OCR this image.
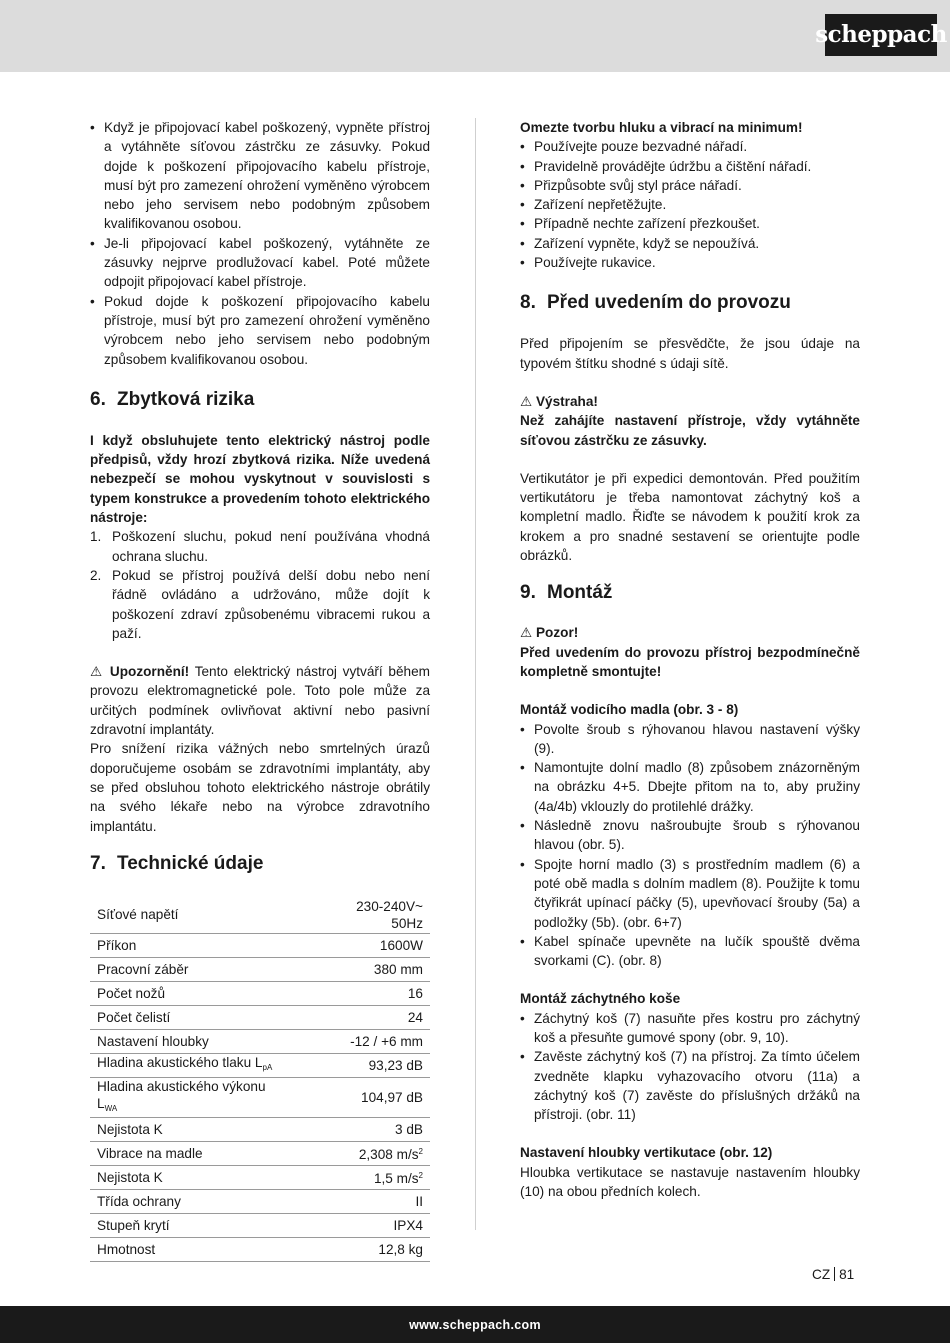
scheppach
• Když je připojovací kabel poškozený, vypněte přístroj a vytáhněte síťovou zástrčku ze zásuvky. Pokud dojde k poškození připojovacího kabelu přístroje, musí být pro zamezení ohrožení vyměněno výrobcem nebo jeho servisem nebo podobným způsobem kvalifikovanou osobou.
• Je-li připojovací kabel poškozený, vytáhněte ze zásuvky nejprve prodlužovací kabel. Poté můžete odpojit připojovací kabel přístroje.
• Pokud dojde k poškození připojovacího kabelu přístroje, musí být pro zamezení ohrožení vyměněno výrobcem nebo jeho servisem nebo podobným způsobem kvalifikovanou osobou.
6. Zbytková rizika

I když obsluhujete tento elektrický nástroj podle předpisů, vždy hrozí zbytková rizika. Níže uvedená nebezpečí se mohou vyskytnout v souvislosti s typem konstrukce a provedením tohoto elektrického nástroje:

1. Poškození sluchu, pokud není používána vhodná ochrana sluchu.
2. Pokud se přístroj používá delší dobu nebo není řádně ovládáno a udržováno, může dojít k poškození zdraví způsobenému vibracemi rukou a paží.

⚠ Upozornění! Tento elektrický nástroj vytváří během provozu elektromagnetické pole. Toto pole může za určitých podmínek ovlivňovat aktivní nebo pasivní zdravotní implantáty.

Pro snížení rizika vážných nebo smrtelných úrazů doporučujeme osobám se zdravotními implantáty, aby se před obsluhou tohoto elektrického nástroje obrátily na svého lékaře nebo na výrobce zdravotního implantátu.

7. Technické údaje
Síťové napětí	230-240V~ 50Hz
Příkon	1600W
Pracovní záběr	380 mm
Počet nožů	16
Počet čelistí	24
Nastavení hloubky	-12 / +6 mm
Hladina akustického tlaku $L_{pA}$	93,23 dB
Hladina akustického výkonu $L_{WA}$	104,97 dB
Nejistota K	3 dB
Vibrace na madle	2,308 $m/s^2$
Nejistota K	1,5 $m/s^2$
Třída ochrany	II
Stupeň krytí	IPX4
Hmotnost	12,8 kg

Omezte tvorbu hluku a vibrací na minimum!

• Používejte pouze bezvadné nářadí.
• Pravidelně provádějte údržbu a čištění nářadí.
• Přizpůsobte svůj styl práce nářadí.
• Zařízení nepřetěžujte.
• Případně nechte zařízení přezkoušet.
• Zařízení vypněte, když se nepoužívá.
• Používejte rukavice.
8. Před uvedením do provozu

Před připojením se přesvědčte, že jsou údaje na typovém štítku shodné s údaji sítě.

⚠ Výstraha!

Než zahájíte nastavení přístroje, vždy vytáhněte síťovou zástrčku ze zásuvky.

Vertikutátor je při expedici demontován. Před použitím vertikutátoru je třeba namontovat záchytný koš a kompletní madlo. Řiďte se návodem k použití krok za krokem a pro snadné sestavení se orientujte podle obrázků.

9. Montáž

⚠ Pozor!

Před uvedením do provozu přístroj bezpodmínečně kompletně smontujte!

Montáž vodicího madla (obr. 3 - 8)

• Povolte šroub s rýhovanou hlavou nastavení výšky (9).
• Namontujte dolní madlo (8) způsobem znázorněným na obrázku 4+5. Dbejte přitom na to, aby pružiny (4a/4b) vklouzly do protilehlé drážky.
• Následně znovu našroubujte šroub s rýhovanou hlavou (obr. 5).
• Spojte horní madlo (3) s prostředním madlem (6) a poté obě madla s dolním madlem (8). Použijte k tomu čtyřikrát upínací páčky (5), upevňovací šrouby (5a) a podložky (5b). (obr. 6+7)
• Kabel spínače upevněte na lučík spouště dvěma svorkami (C). (obr. 8)

Montáž záchytného koše

• Záchytný koš (7) nasuňte přes kostru pro záchytný koš a přesuňte gumové spony (obr. 9, 10).
• Zavěste záchytný koš (7) na přístroj. Za tímto účelem zvedněte klapku vyhazovacího otvoru (11a) a záchytný koš (7) zavěste do příslušných držáků na přístroji. (obr. 11)

Nastavení hloubky vertikutace (obr. 12)

Hloubka vertikutace se nastavuje nastavením hloubky (10) na obou předních kolech.

CZ 81
www.scheppach.com
